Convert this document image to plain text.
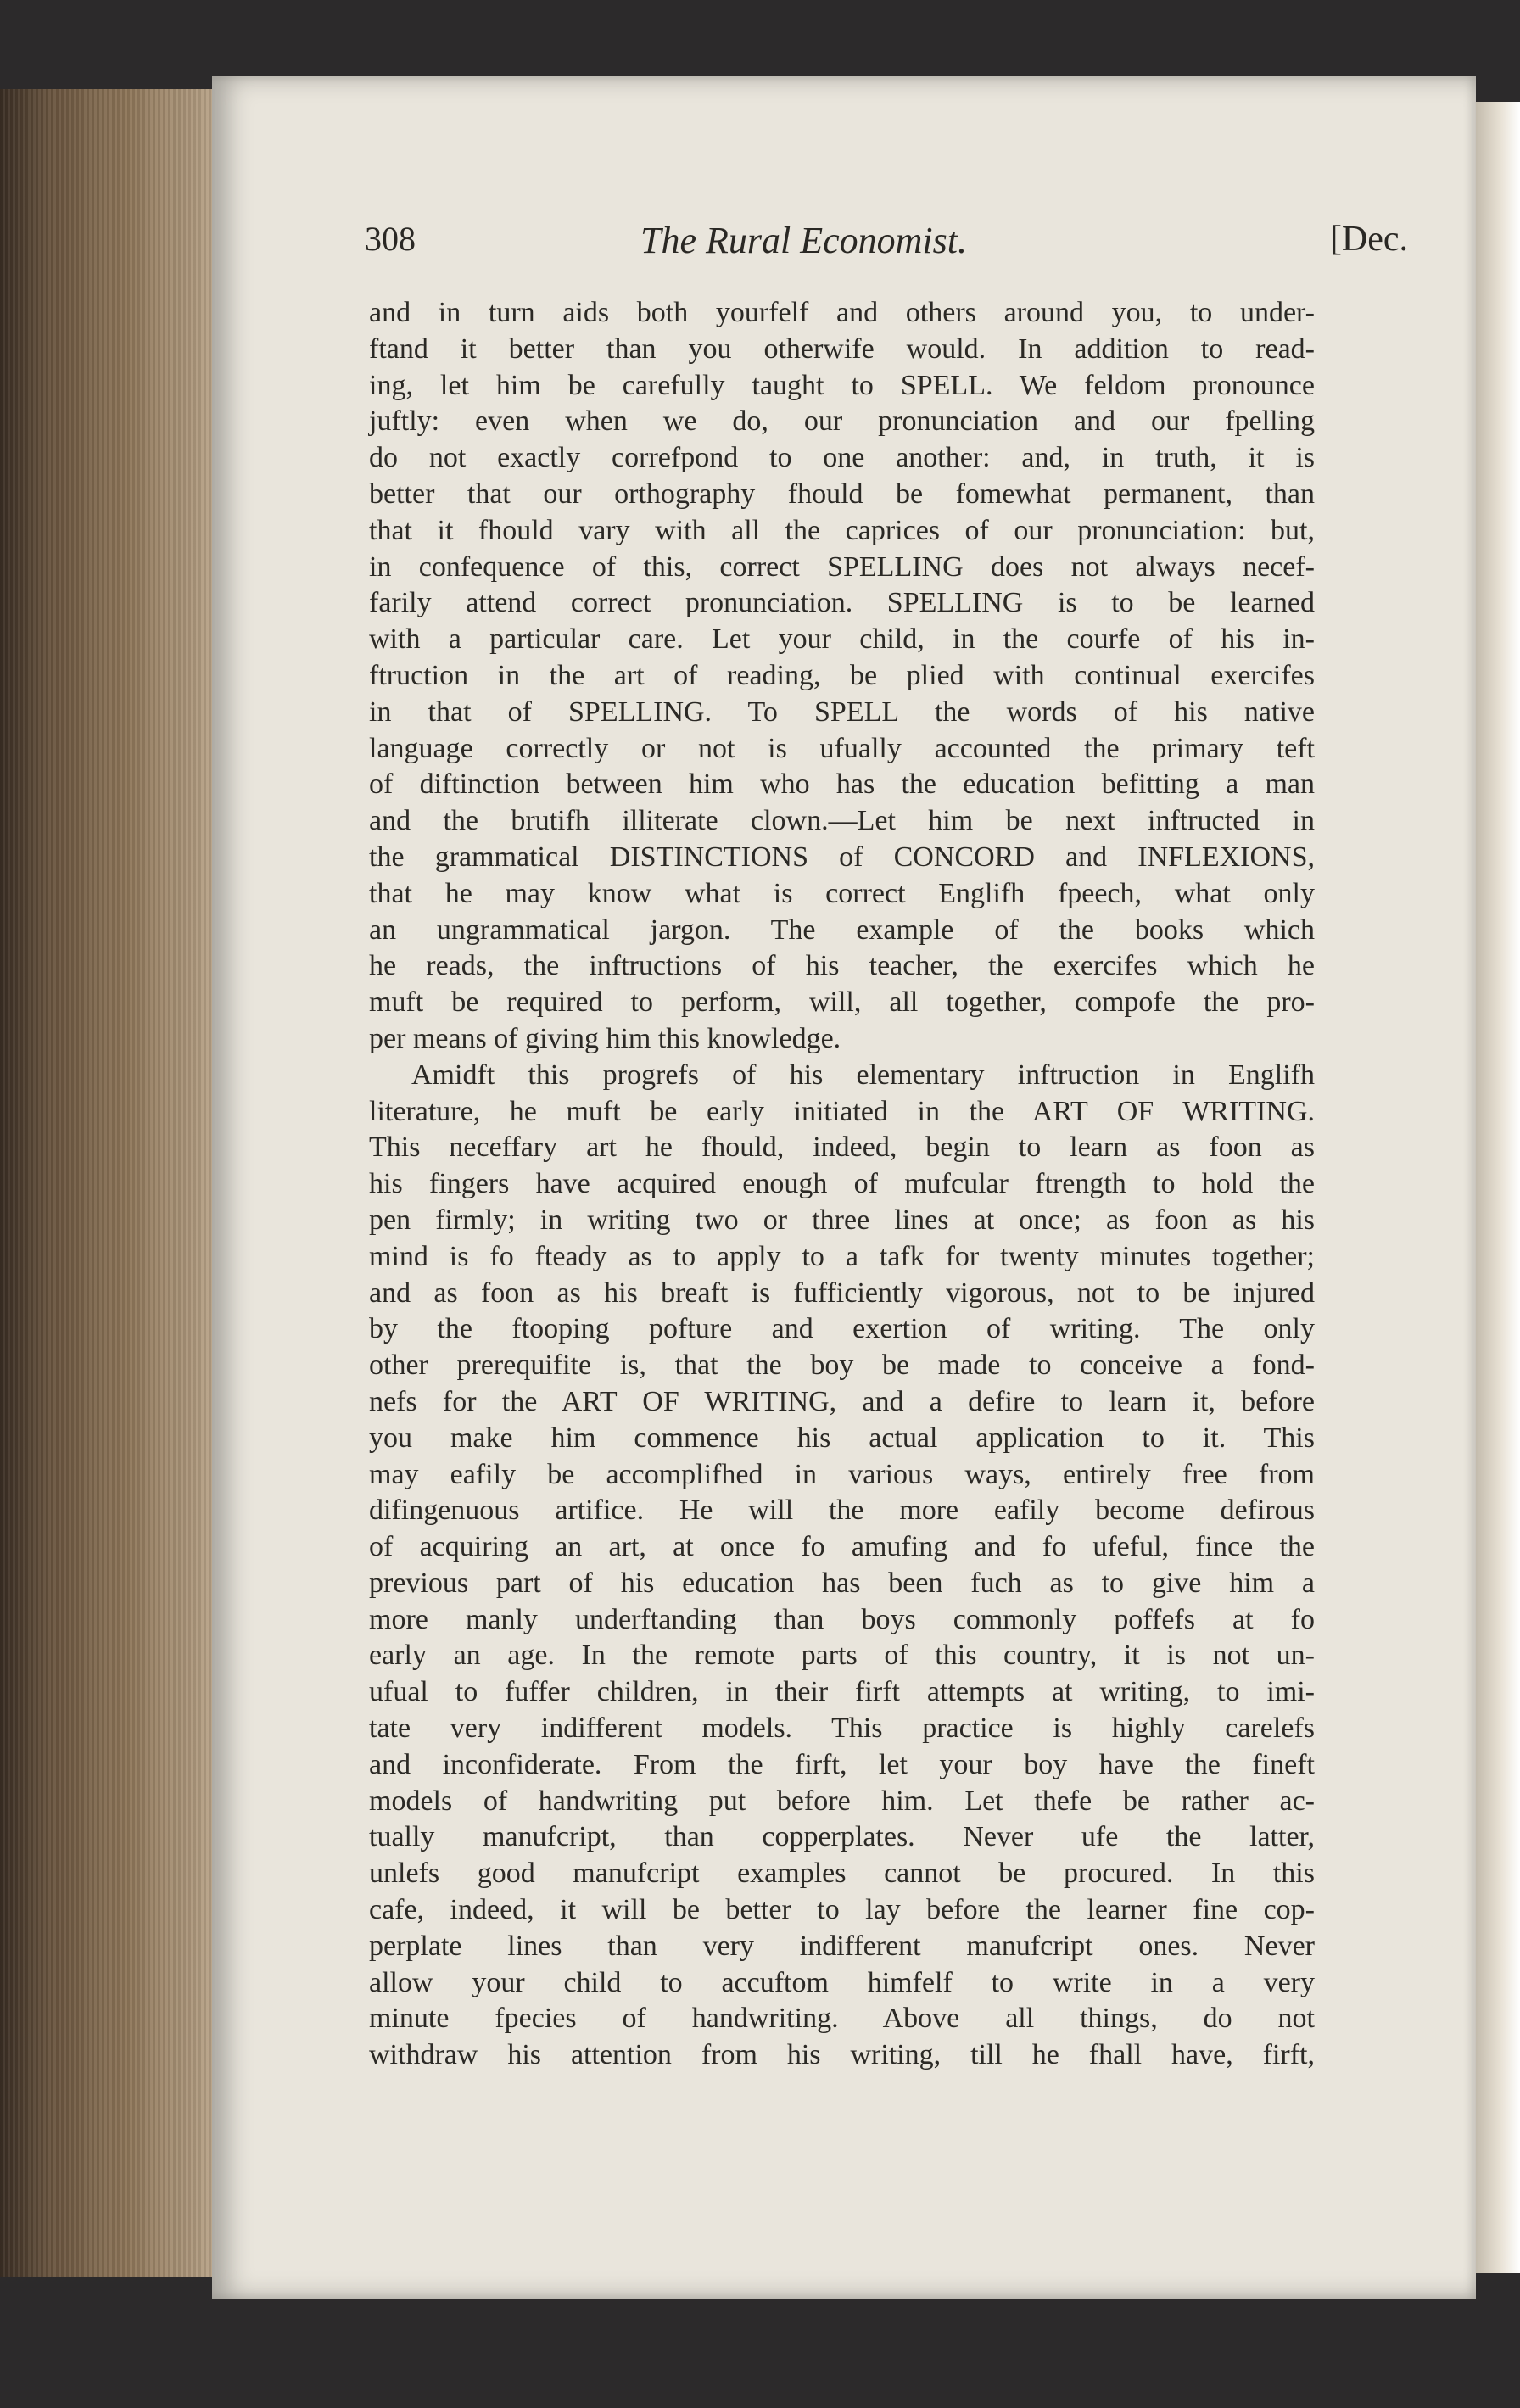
308	The Rural Economist.	[Dec.
and in turn aids both yourfelf and others around you, to under-
ftand it better than you otherwife would. In addition to read-
ing, let him be carefully taught to SPELL. We feldom pronounce
juftly: even when we do, our pronunciation and our fpelling
do not exactly correfpond to one another: and, in truth, it is
better that our orthography fhould be fomewhat permanent, than
that it fhould vary with all the caprices of our pronunciation: but,
in confequence of this, correct SPELLING does not always necef-
farily attend correct pronunciation. SPELLING is to be learned
with a particular care. Let your child, in the courfe of his in-
ftruction in the art of reading, be plied with continual exercifes
in that of SPELLING. To SPELL the words of his native
language correctly or not is ufually accounted the primary teft
of diftinction between him who has the education befitting a man
and the brutifh illiterate clown.—Let him be next inftructed in
the grammatical DISTINCTIONS of CONCORD and INFLEXIONS,
that he may know what is correct Englifh fpeech, what only
an ungrammatical jargon. The example of the books which
he reads, the inftructions of his teacher, the exercifes which he
muft be required to perform, will, all together, compofe the pro-
per means of giving him this knowledge.
Amidft this progrefs of his elementary inftruction in Englifh
literature, he muft be early initiated in the ART OF WRITING.
This neceffary art he fhould, indeed, begin to learn as foon as
his fingers have acquired enough of mufcular ftrength to hold the
pen firmly; in writing two or three lines at once; as foon as his
mind is fo fteady as to apply to a tafk for twenty minutes together;
and as foon as his breaft is fufficiently vigorous, not to be injured
by the ftooping pofture and exertion of writing. The only
other prerequifite is, that the boy be made to conceive a fond-
nefs for the ART OF WRITING, and a defire to learn it, before
you make him commence his actual application to it. This
may eafily be accomplifhed in various ways, entirely free from
difingenuous artifice. He will the more eafily become defirous
of acquiring an art, at once fo amufing and fo ufeful, fince the
previous part of his education has been fuch as to give him a
more manly underftanding than boys commonly poffefs at fo
early an age. In the remote parts of this country, it is not un-
ufual to fuffer children, in their firft attempts at writing, to imi-
tate very indifferent models. This practice is highly carelefs
and inconfiderate. From the firft, let your boy have the fineft
models of handwriting put before him. Let thefe be rather ac-
tually manufcript, than copperplates. Never ufe the latter,
unlefs good manufcript examples cannot be procured. In this
cafe, indeed, it will be better to lay before the learner fine cop-
perplate lines than very indifferent manufcript ones. Never
allow your child to accuftom himfelf to write in a very
minute fpecies of handwriting. Above all things, do not
withdraw his attention from his writing, till he fhall have, firft,
